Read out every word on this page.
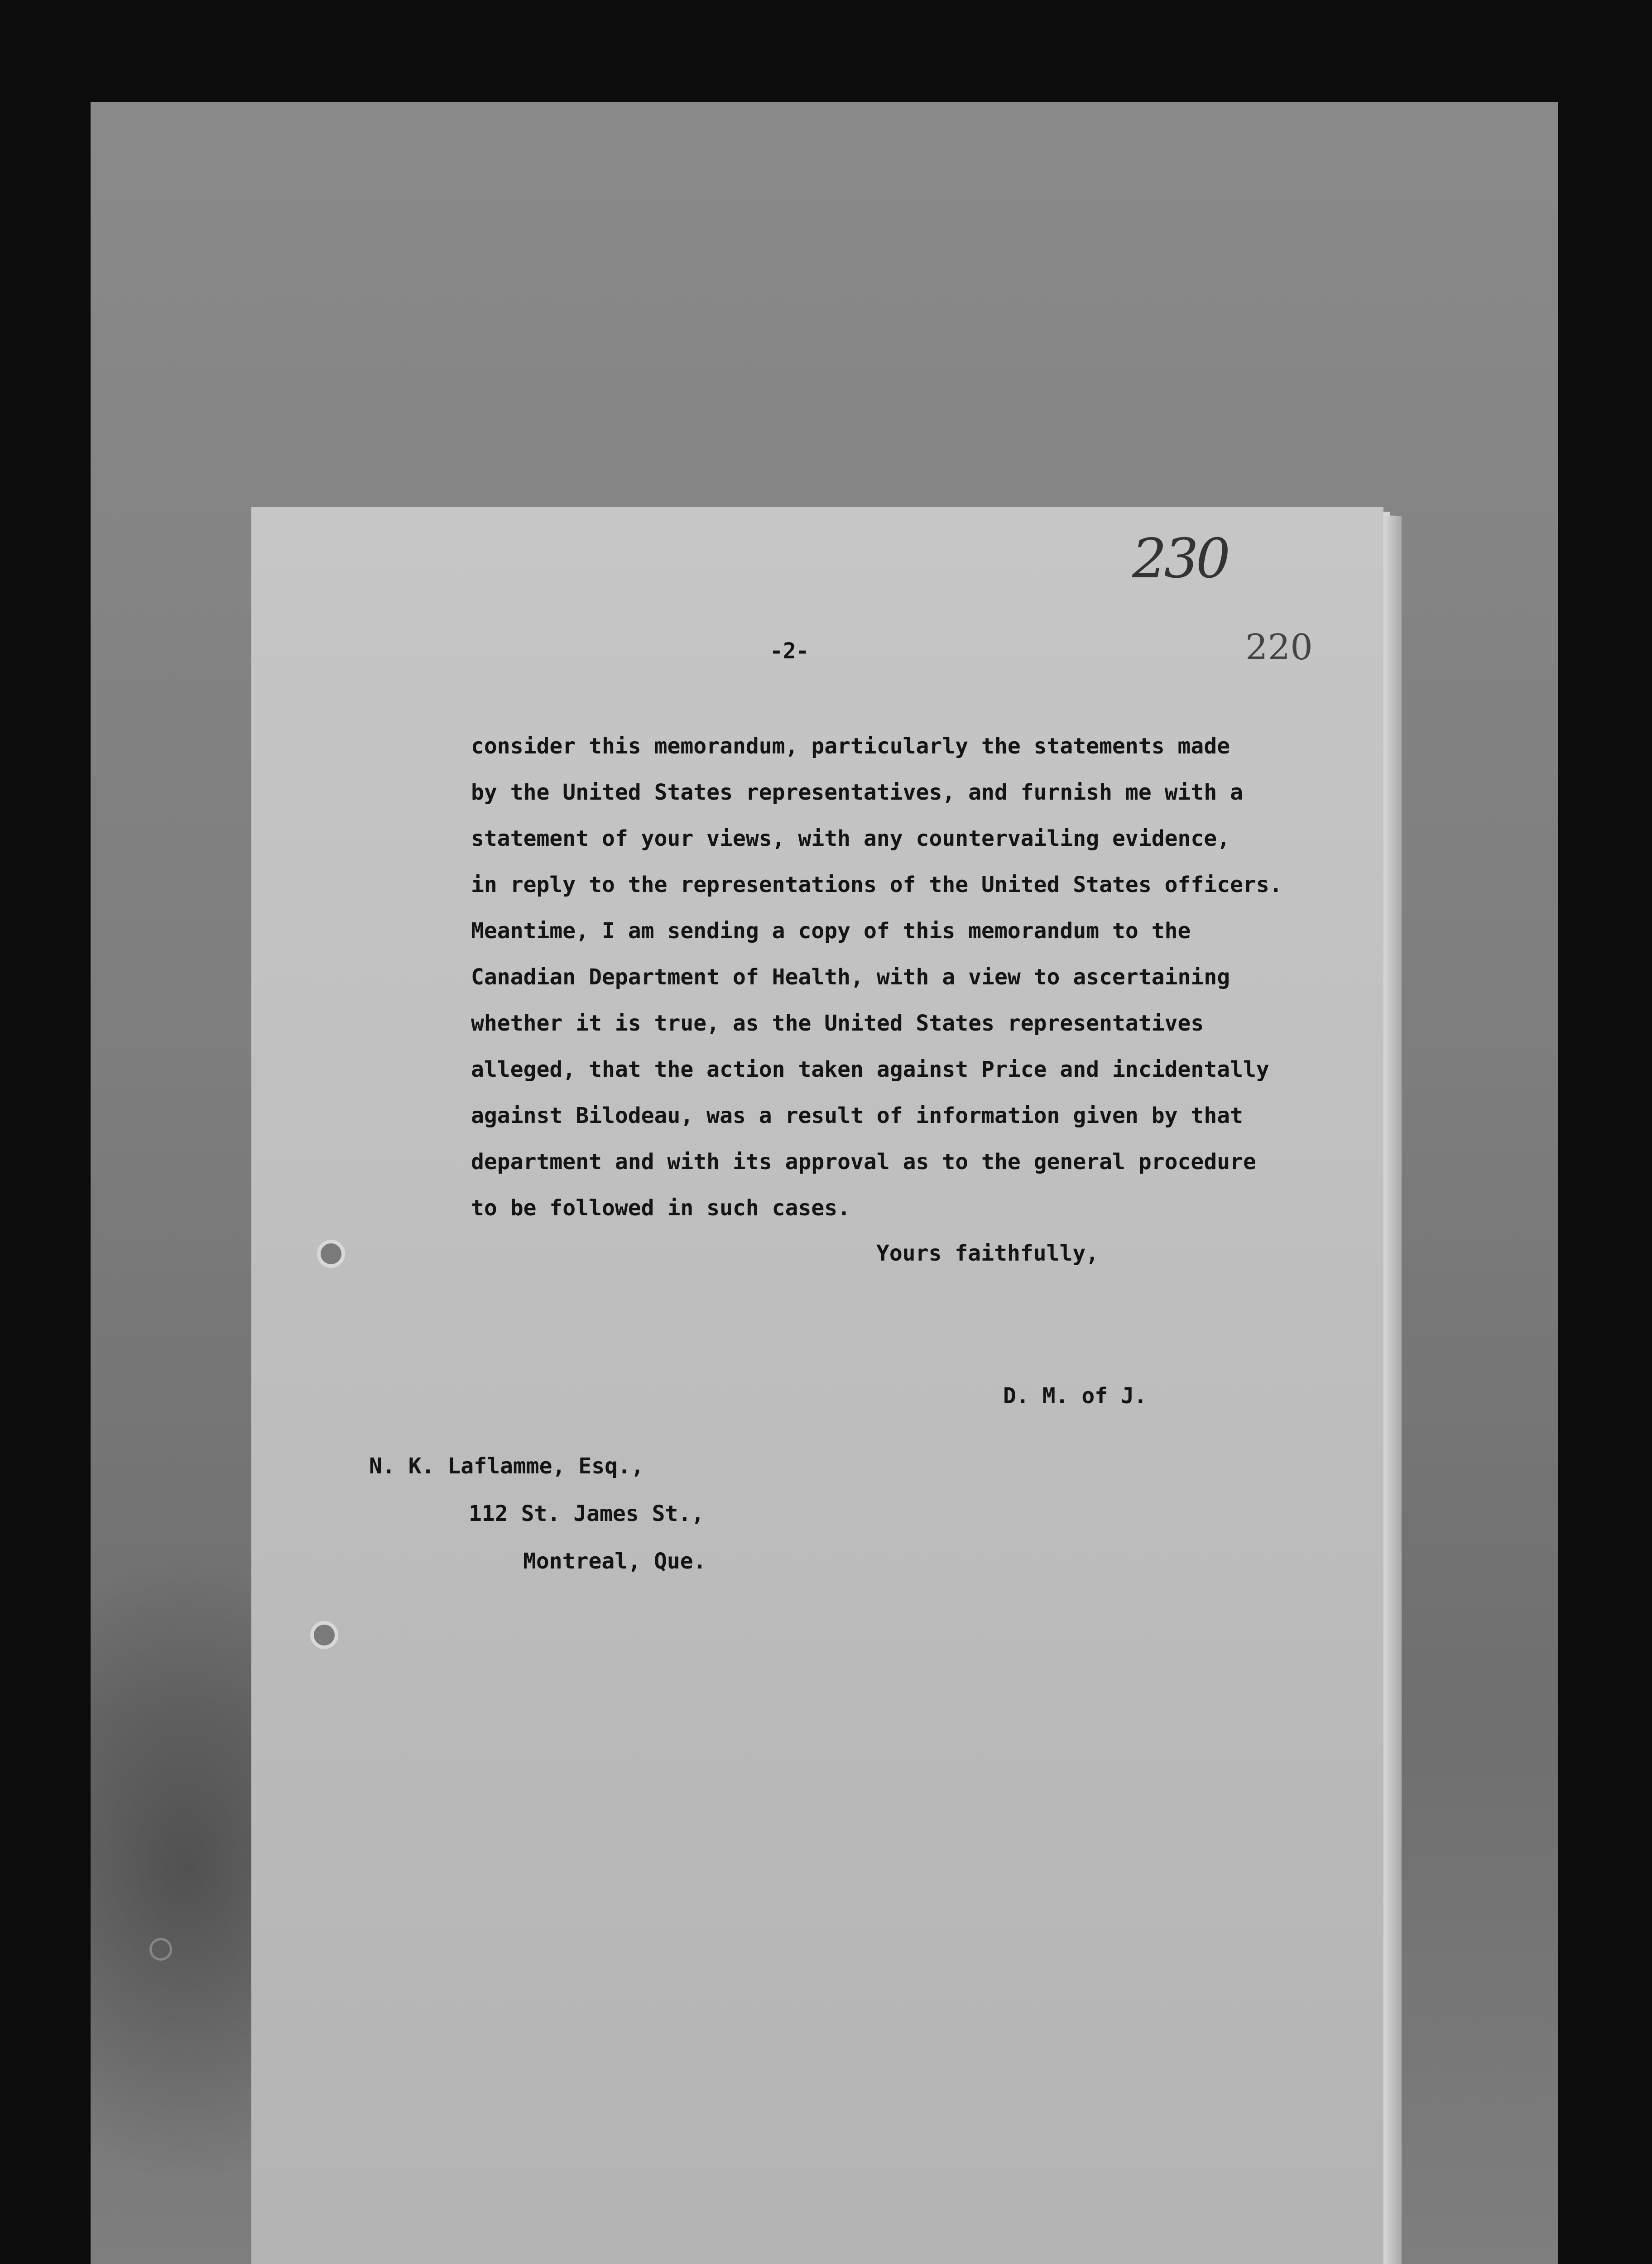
230
220
-2-
consider this memorandum, particularly the statements made
by the United States representatives, and furnish me with a
statement of your views, with any countervailing evidence,
in reply to the representations of the United States officers.
Meantime, I am sending a copy of this memorandum to the
Canadian Department of Health, with a view to ascertaining
whether it is true, as the United States representatives
alleged, that the action taken against Price and incidentally
against Bilodeau, was a result of information given by that
department and with its approval as to the general procedure
to be followed in such cases.
Yours faithfully,
D. M. of J.
N. K. Laflamme, Esq.,
112 St. James St.,
Montreal, Que.
